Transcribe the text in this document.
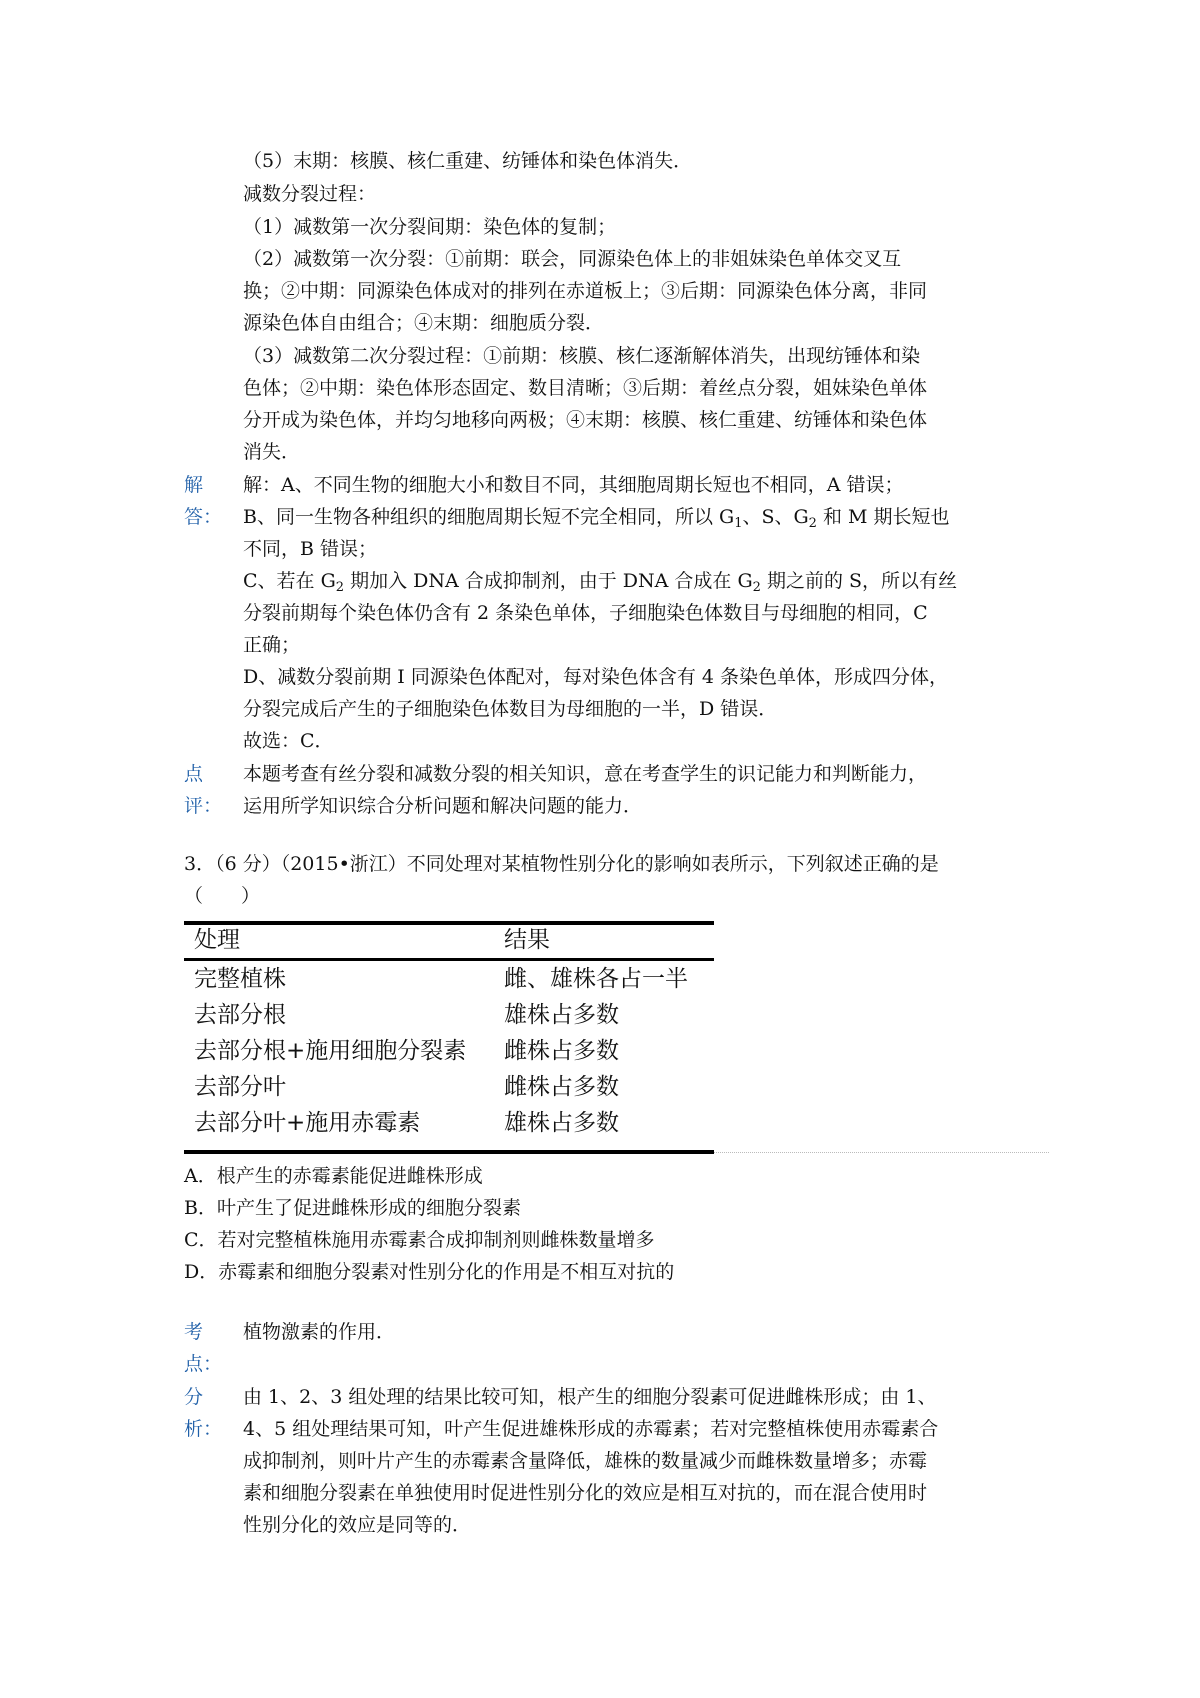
（5）末期：核膜、核仁重建、纺锤体和染色体消失．
减数分裂过程：
（1）减数第一次分裂间期：染色体的复制；
（2）减数第一次分裂：①前期：联会，同源染色体上的非姐妹染色单体交叉互
换；②中期：同源染色体成对的排列在赤道板上；③后期：同源染色体分离，非同
源染色体自由组合；④末期：细胞质分裂．
（3）减数第二次分裂过程：①前期：核膜、核仁逐渐解体消失，出现纺锤体和染
色体；②中期：染色体形态固定、数目清晰；③后期：着丝点分裂，姐妹染色单体
分开成为染色体，并均匀地移向两极；④末期：核膜、核仁重建、纺锤体和染色体
消失．
解
答：
解：A、不同生物的细胞大小和数目不同，其细胞周期长短也不相同，A 错误；
B、同一生物各种组织的细胞周期长短不完全相同，所以 $G_1$、S、$G_2$ 和 M 期长短也
不同，B 错误；
C、若在 $G_2$ 期加入 DNA 合成抑制剂，由于 DNA 合成在 $G_2$ 期之前的 S，所以有丝
分裂前期每个染色体仍含有 2 条染色单体，子细胞染色体数目与母细胞的相同，C
正确；
D、减数分裂前期 I 同源染色体配对，每对染色体含有 4 条染色单体，形成四分体，
分裂完成后产生的子细胞染色体数目为母细胞的一半，D 错误．
故选：C．
点
评：
本题考查有丝分裂和减数分裂的相关知识，意在考查学生的识记能力和判断能力，
运用所学知识综合分析问题和解决问题的能力．
3．（6 分）（2015•浙江）不同处理对某植物性别分化的影响如表所示，下列叙述正确的是
（　　）
处理	结果
完整植株	雌、雄株各占一半
去部分根	雄株占多数
去部分根+施用细胞分裂素 雌株占多数
去部分叶	雌株占多数
去部分叶+施用赤霉素	雄株占多数
A．根产生的赤霉素能促进雌株形成
B．叶产生了促进雌株形成的细胞分裂素
C．若对完整植株施用赤霉素合成抑制剂则雌株数量增多
D．赤霉素和细胞分裂素对性别分化的作用是不相互对抗的
考
点：
植物激素的作用．
分
析：
由 1、2、3 组处理的结果比较可知，根产生的细胞分裂素可促进雌株形成；由 1、
4、5 组处理结果可知，叶产生促进雄株形成的赤霉素；若对完整植株使用赤霉素合
成抑制剂，则叶片产生的赤霉素含量降低，雄株的数量减少而雌株数量增多；赤霉
素和细胞分裂素在单独使用时促进性别分化的效应是相互对抗的，而在混合使用时
性别分化的效应是同等的．
